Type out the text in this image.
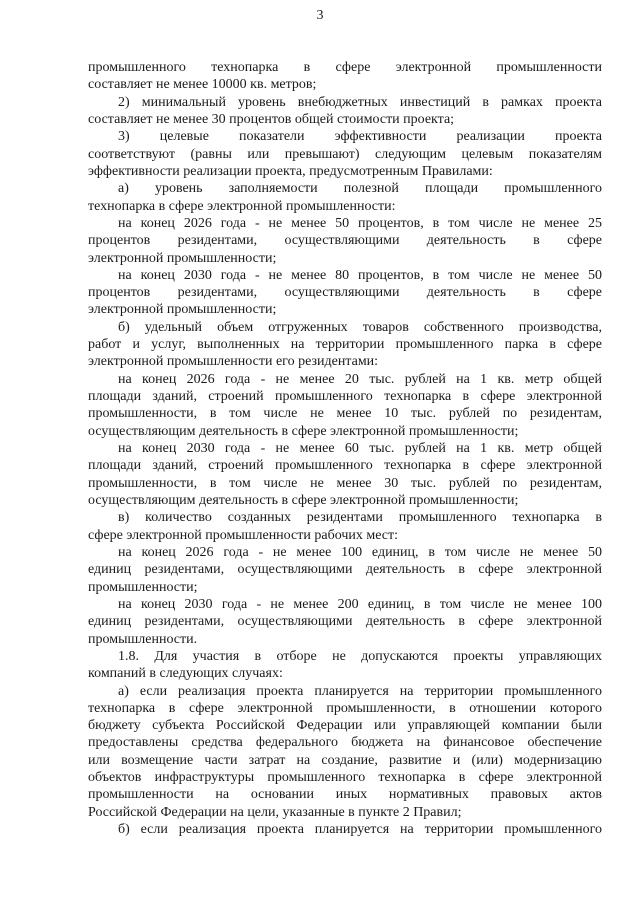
3
промышленного технопарка в сфере электронной промышленности
составляет не менее 10000 кв. метров;
2) минимальный уровень внебюджетных инвестиций в рамках проекта
составляет не менее 30 процентов общей стоимости проекта;
3) целевые показатели эффективности реализации проекта
соответствуют (равны или превышают) следующим целевым показателям
эффективности реализации проекта, предусмотренным Правилами:
а) уровень заполняемости полезной площади промышленного
технопарка в сфере электронной промышленности:
на конец 2026 года - не менее 50 процентов, в том числе не менее 25
процентов резидентами, осуществляющими деятельность в сфере
электронной промышленности;
на конец 2030 года - не менее 80 процентов, в том числе не менее 50
процентов резидентами, осуществляющими деятельность в сфере
электронной промышленности;
б) удельный объем отгруженных товаров собственного производства,
работ и услуг, выполненных на территории промышленного парка в сфере
электронной промышленности его резидентами:
на конец 2026 года - не менее 20 тыс. рублей на 1 кв. метр общей
площади зданий, строений промышленного технопарка в сфере электронной
промышленности, в том числе не менее 10 тыс. рублей по резидентам,
осуществляющим деятельность в сфере электронной промышленности;
на конец 2030 года - не менее 60 тыс. рублей на 1 кв. метр общей
площади зданий, строений промышленного технопарка в сфере электронной
промышленности, в том числе не менее 30 тыс. рублей по резидентам,
осуществляющим деятельность в сфере электронной промышленности;
в) количество созданных резидентами промышленного технопарка в
сфере электронной промышленности рабочих мест:
на конец 2026 года - не менее 100 единиц, в том числе не менее 50
единиц резидентами, осуществляющими деятельность в сфере электронной
промышленности;
на конец 2030 года - не менее 200 единиц, в том числе не менее 100
единиц резидентами, осуществляющими деятельность в сфере электронной
промышленности.
1.8. Для участия в отборе не допускаются проекты управляющих
компаний в следующих случаях:
а) если реализация проекта планируется на территории промышленного
технопарка в сфере электронной промышленности, в отношении которого
бюджету субъекта Российской Федерации или управляющей компании были
предоставлены средства федерального бюджета на финансовое обеспечение
или возмещение части затрат на создание, развитие и (или) модернизацию
объектов инфраструктуры промышленного технопарка в сфере электронной
промышленности на основании иных нормативных правовых актов
Российской Федерации на цели, указанные в пункте 2 Правил;
б) если реализация проекта планируется на территории промышленного
